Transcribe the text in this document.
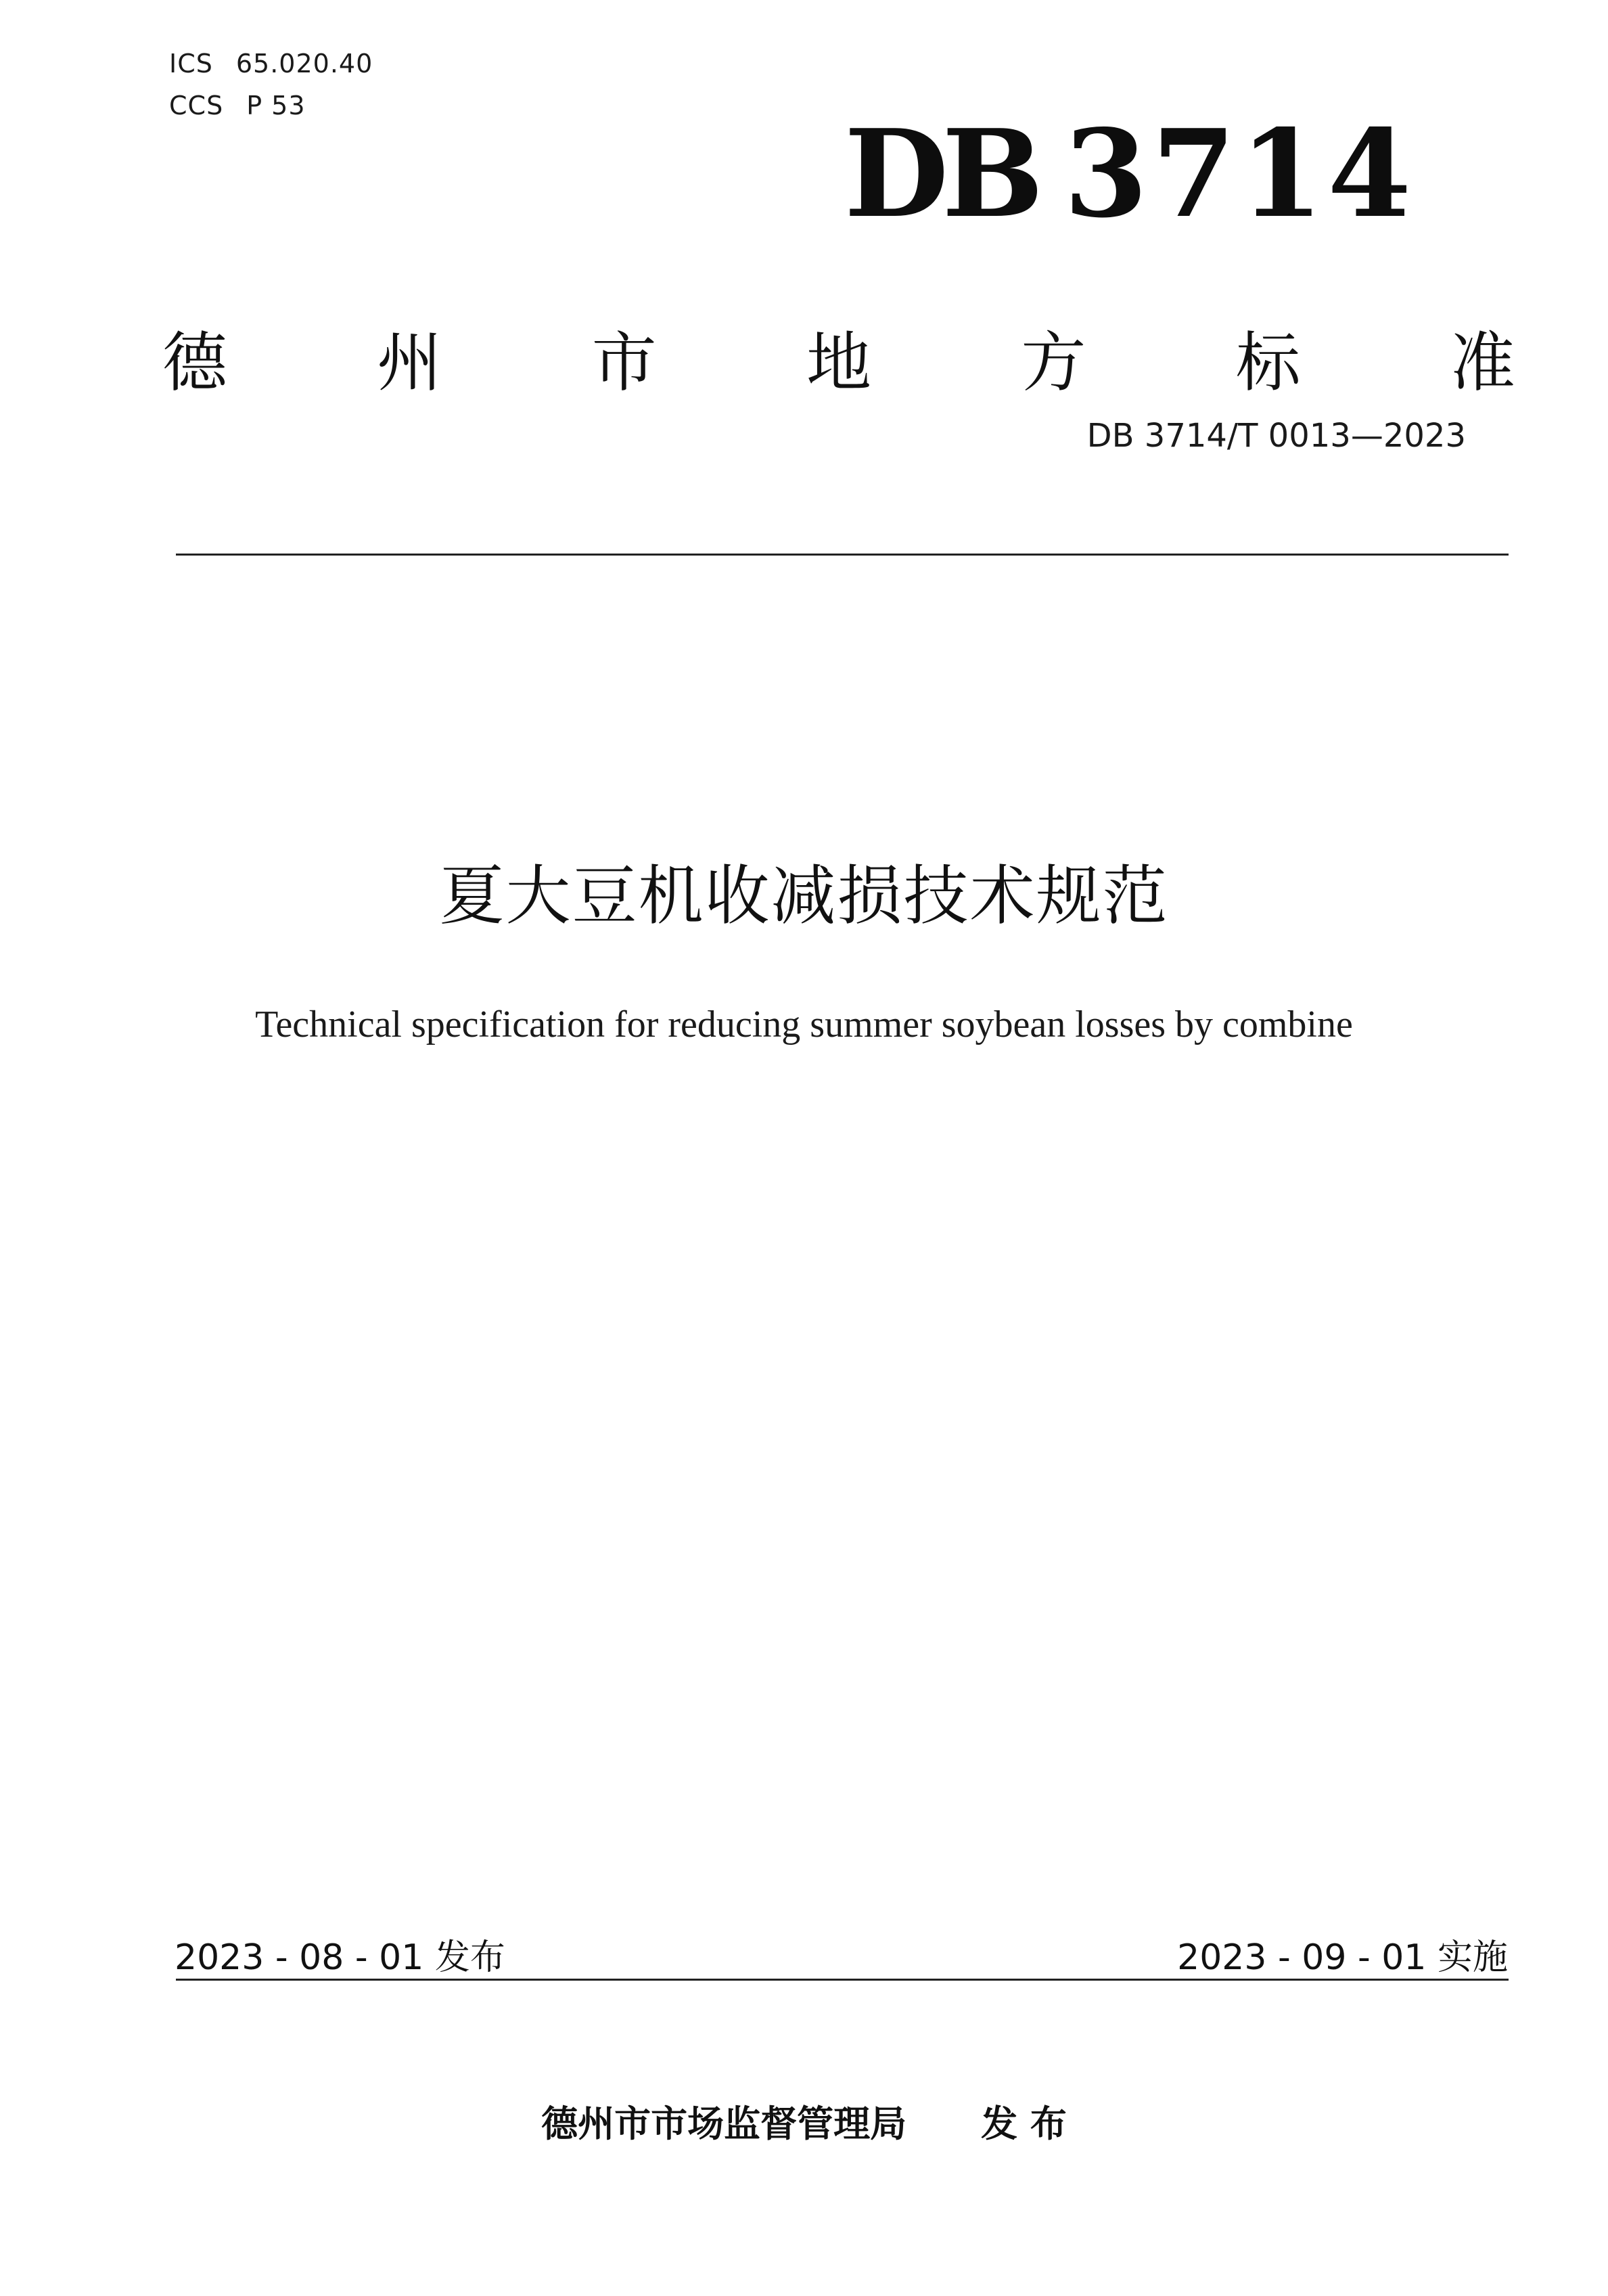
ICS 65.020.40
CCS P 53	DB 3714
德 州 市 地 方 标 准
DB 3714/T 0013—2023
夏大豆机收减损技术规范
Technical specification for reducing summer soybean losses by combine
2023 - 08 - 01 发布	2023 - 09 - 01 实施
德州市市场监督管理局 发 布
